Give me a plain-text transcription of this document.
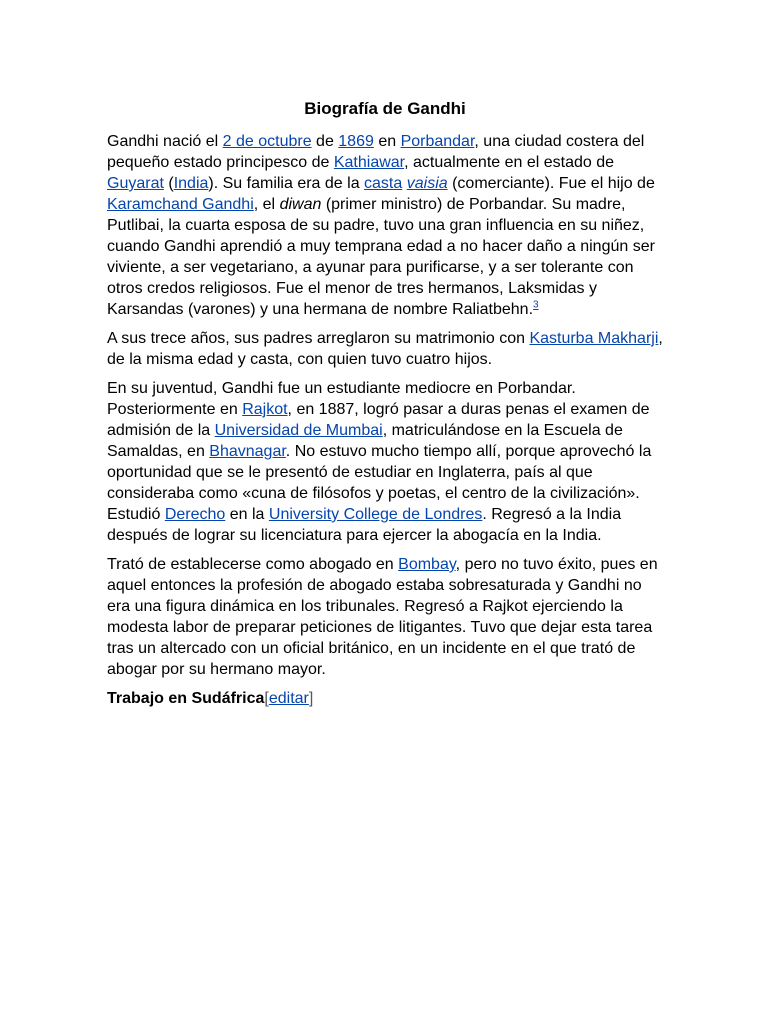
Biografía de Gandhi

Gandhi nació el 2 de octubre de 1869 en Porbandar, una ciudad costera del pequeño estado principesco de Kathiawar, actualmente en el estado de Guyarat (India). Su familia era de la casta vaisia (comerciante). Fue el hijo de Karamchand Gandhi, el diwan (primer ministro) de Porbandar. Su madre, Putlibai, la cuarta esposa de su padre, tuvo una gran influencia en su niñez, cuando Gandhi aprendió a muy temprana edad a no hacer daño a ningún ser viviente, a ser vegetariano, a ayunar para purificarse, y a ser tolerante con otros credos religiosos. Fue el menor de tres hermanos, Laksmidas y Karsandas (varones) y una hermana de nombre Raliatbehn.$^3$

A sus trece años, sus padres arreglaron su matrimonio con Kasturba Makharji, de la misma edad y casta, con quien tuvo cuatro hijos.

En su juventud, Gandhi fue un estudiante mediocre en Porbandar. Posteriormente en Rajkot, en 1887, logró pasar a duras penas el examen de admisión de la Universidad de Mumbai, matriculándose en la Escuela de Samaldas, en Bhavnagar. No estuvo mucho tiempo allí, porque aprovechó la oportunidad que se le presentó de estudiar en Inglaterra, país al que consideraba como «cuna de filósofos y poetas, el centro de la civilización». Estudió Derecho en la University College de Londres. Regresó a la India después de lograr su licenciatura para ejercer la abogacía en la India.

Trató de establecerse como abogado en Bombay, pero no tuvo éxito, pues en aquel entonces la profesión de abogado estaba sobresaturada y Gandhi no era una figura dinámica en los tribunales. Regresó a Rajkot ejerciendo la modesta labor de preparar peticiones de litigantes. Tuvo que dejar esta tarea tras un altercado con un oficial británico, en un incidente en el que trató de abogar por su hermano mayor.

Trabajo en Sudáfrica[editar]
